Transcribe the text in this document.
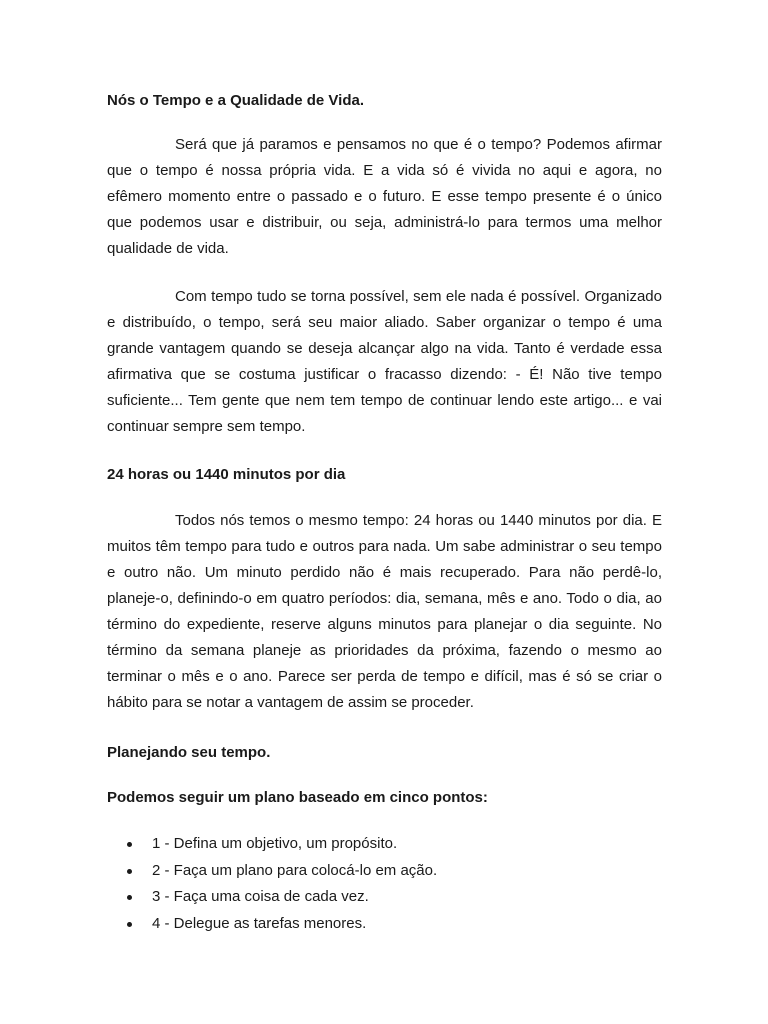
Nós o Tempo e a Qualidade de Vida.
Será que já paramos e pensamos no que é o tempo? Podemos afirmar
que o tempo é nossa própria vida. E a vida só é vivida no aqui e agora, no
efêmero momento entre o passado e o futuro. E esse tempo presente é o único
que podemos usar e distribuir, ou seja, administrá-lo para termos uma melhor
qualidade de vida.
Com tempo tudo se torna possível, sem ele nada é possível. Organizado
e distribuído, o tempo, será seu maior aliado. Saber organizar o tempo é uma
grande vantagem quando se deseja alcançar algo na vida. Tanto é verdade essa
afirmativa que se costuma justificar o fracasso dizendo: - É! Não tive tempo
suficiente... Tem gente que nem tem tempo de continuar lendo este artigo... e vai
continuar sempre sem tempo.
24 horas ou 1440 minutos por dia
Todos nós temos o mesmo tempo: 24 horas ou 1440 minutos por dia. E
muitos têm tempo para tudo e outros para nada. Um sabe administrar o seu tempo
e outro não. Um minuto perdido não é mais recuperado. Para não perdê-lo,
planeje-o, definindo-o em quatro períodos: dia, semana, mês e ano. Todo o dia, ao
término do expediente, reserve alguns minutos para planejar o dia seguinte. No
término da semana planeje as prioridades da próxima, fazendo o mesmo ao
terminar o mês e o ano. Parece ser perda de tempo e difícil, mas é só se criar o
hábito para se notar a vantagem de assim se proceder.
Planejando seu tempo.
Podemos seguir um plano baseado em cinco pontos:
1 - Defina um objetivo, um propósito.
2 - Faça um plano para colocá-lo em ação.
3 - Faça uma coisa de cada vez.
4 - Delegue as tarefas menores.
